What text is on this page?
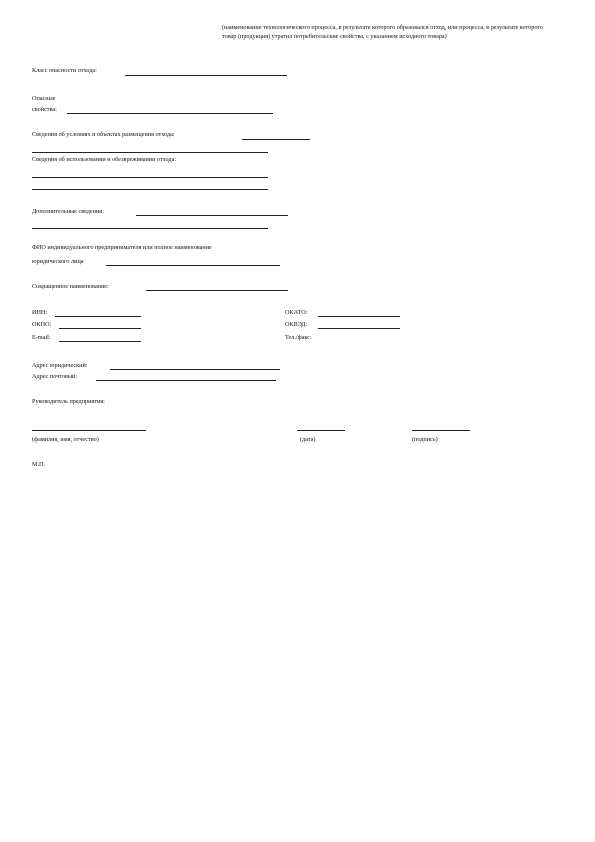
(наименование технологического процесса, в результате которого образовался отход, или процесса, в результате которого товар (продукция) утратил потребительские свойства, с указанием исходного товара)
Класс опасности отхода:
Опасные
свойства:
Сведения об условиях и объектах размещения отхода:
Сведения об использовании и обезвреживании отхода:
Дополнительные сведения:
ФИО индивидуального предпринимателя или полное наименование
юридического лица
Сокращенное наименование:
ИНН:
ОКПО:
E-mail:
ОКАТО:
ОКВЭД:
Тел./факс:
Адрес юридический:
Адрес почтовый:
Руководитель предприятия:
(фамилия, имя, отчество)	(дата)	(подпись)
М.П.
